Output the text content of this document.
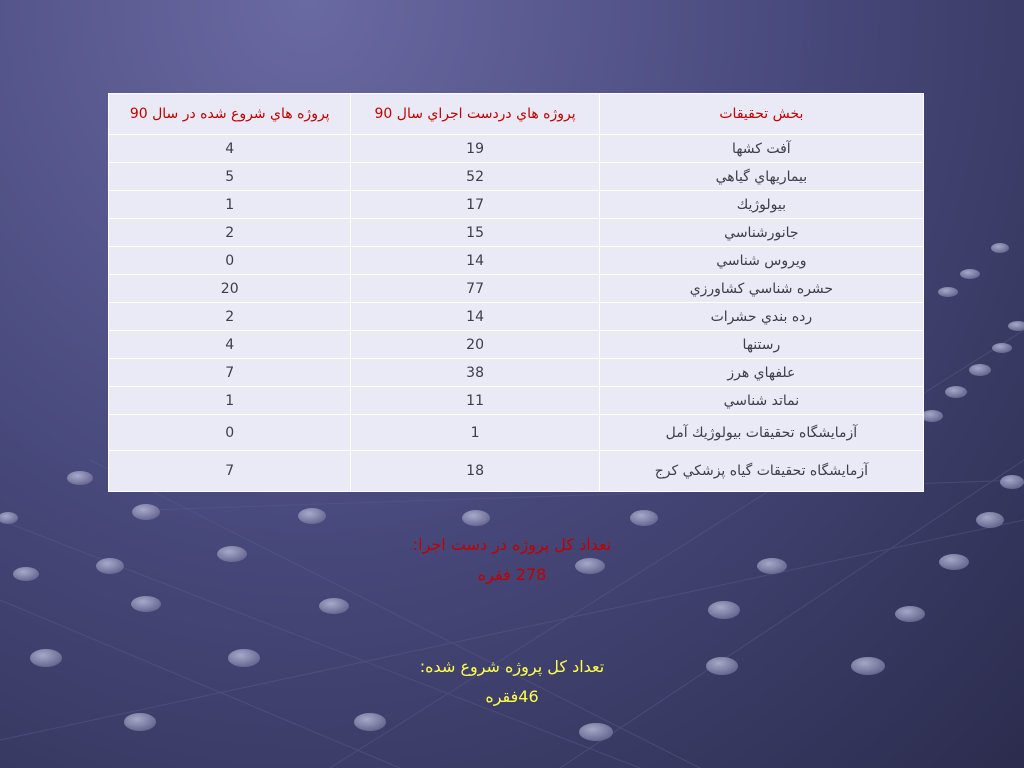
بخش تحقيقات	پروژه هاي دردست اجراي سال 90	پروژه هاي شروع شده در سال 90
آفت کشها	19	4
بيماريهاي گياهي	52	5
بيولوژيك	17	1
جانورشناسي	15	2
ويروس شناسي	14	0
حشره شناسي كشاورزي	77	20
رده بندي حشرات	14	2
رستنها	20	4
علفهاي هرز	38	7
نماتد شناسي	11	1
آزمايشگاه تحقيقات بيولوژيك آمل	1	0
آزمايشگاه تحقيقات گياه پزشكي كرج	18	7
تعداد کل پروژه در دست اجرا:
278 فقره
تعداد کل پروژه شروع شده:
46فقره
